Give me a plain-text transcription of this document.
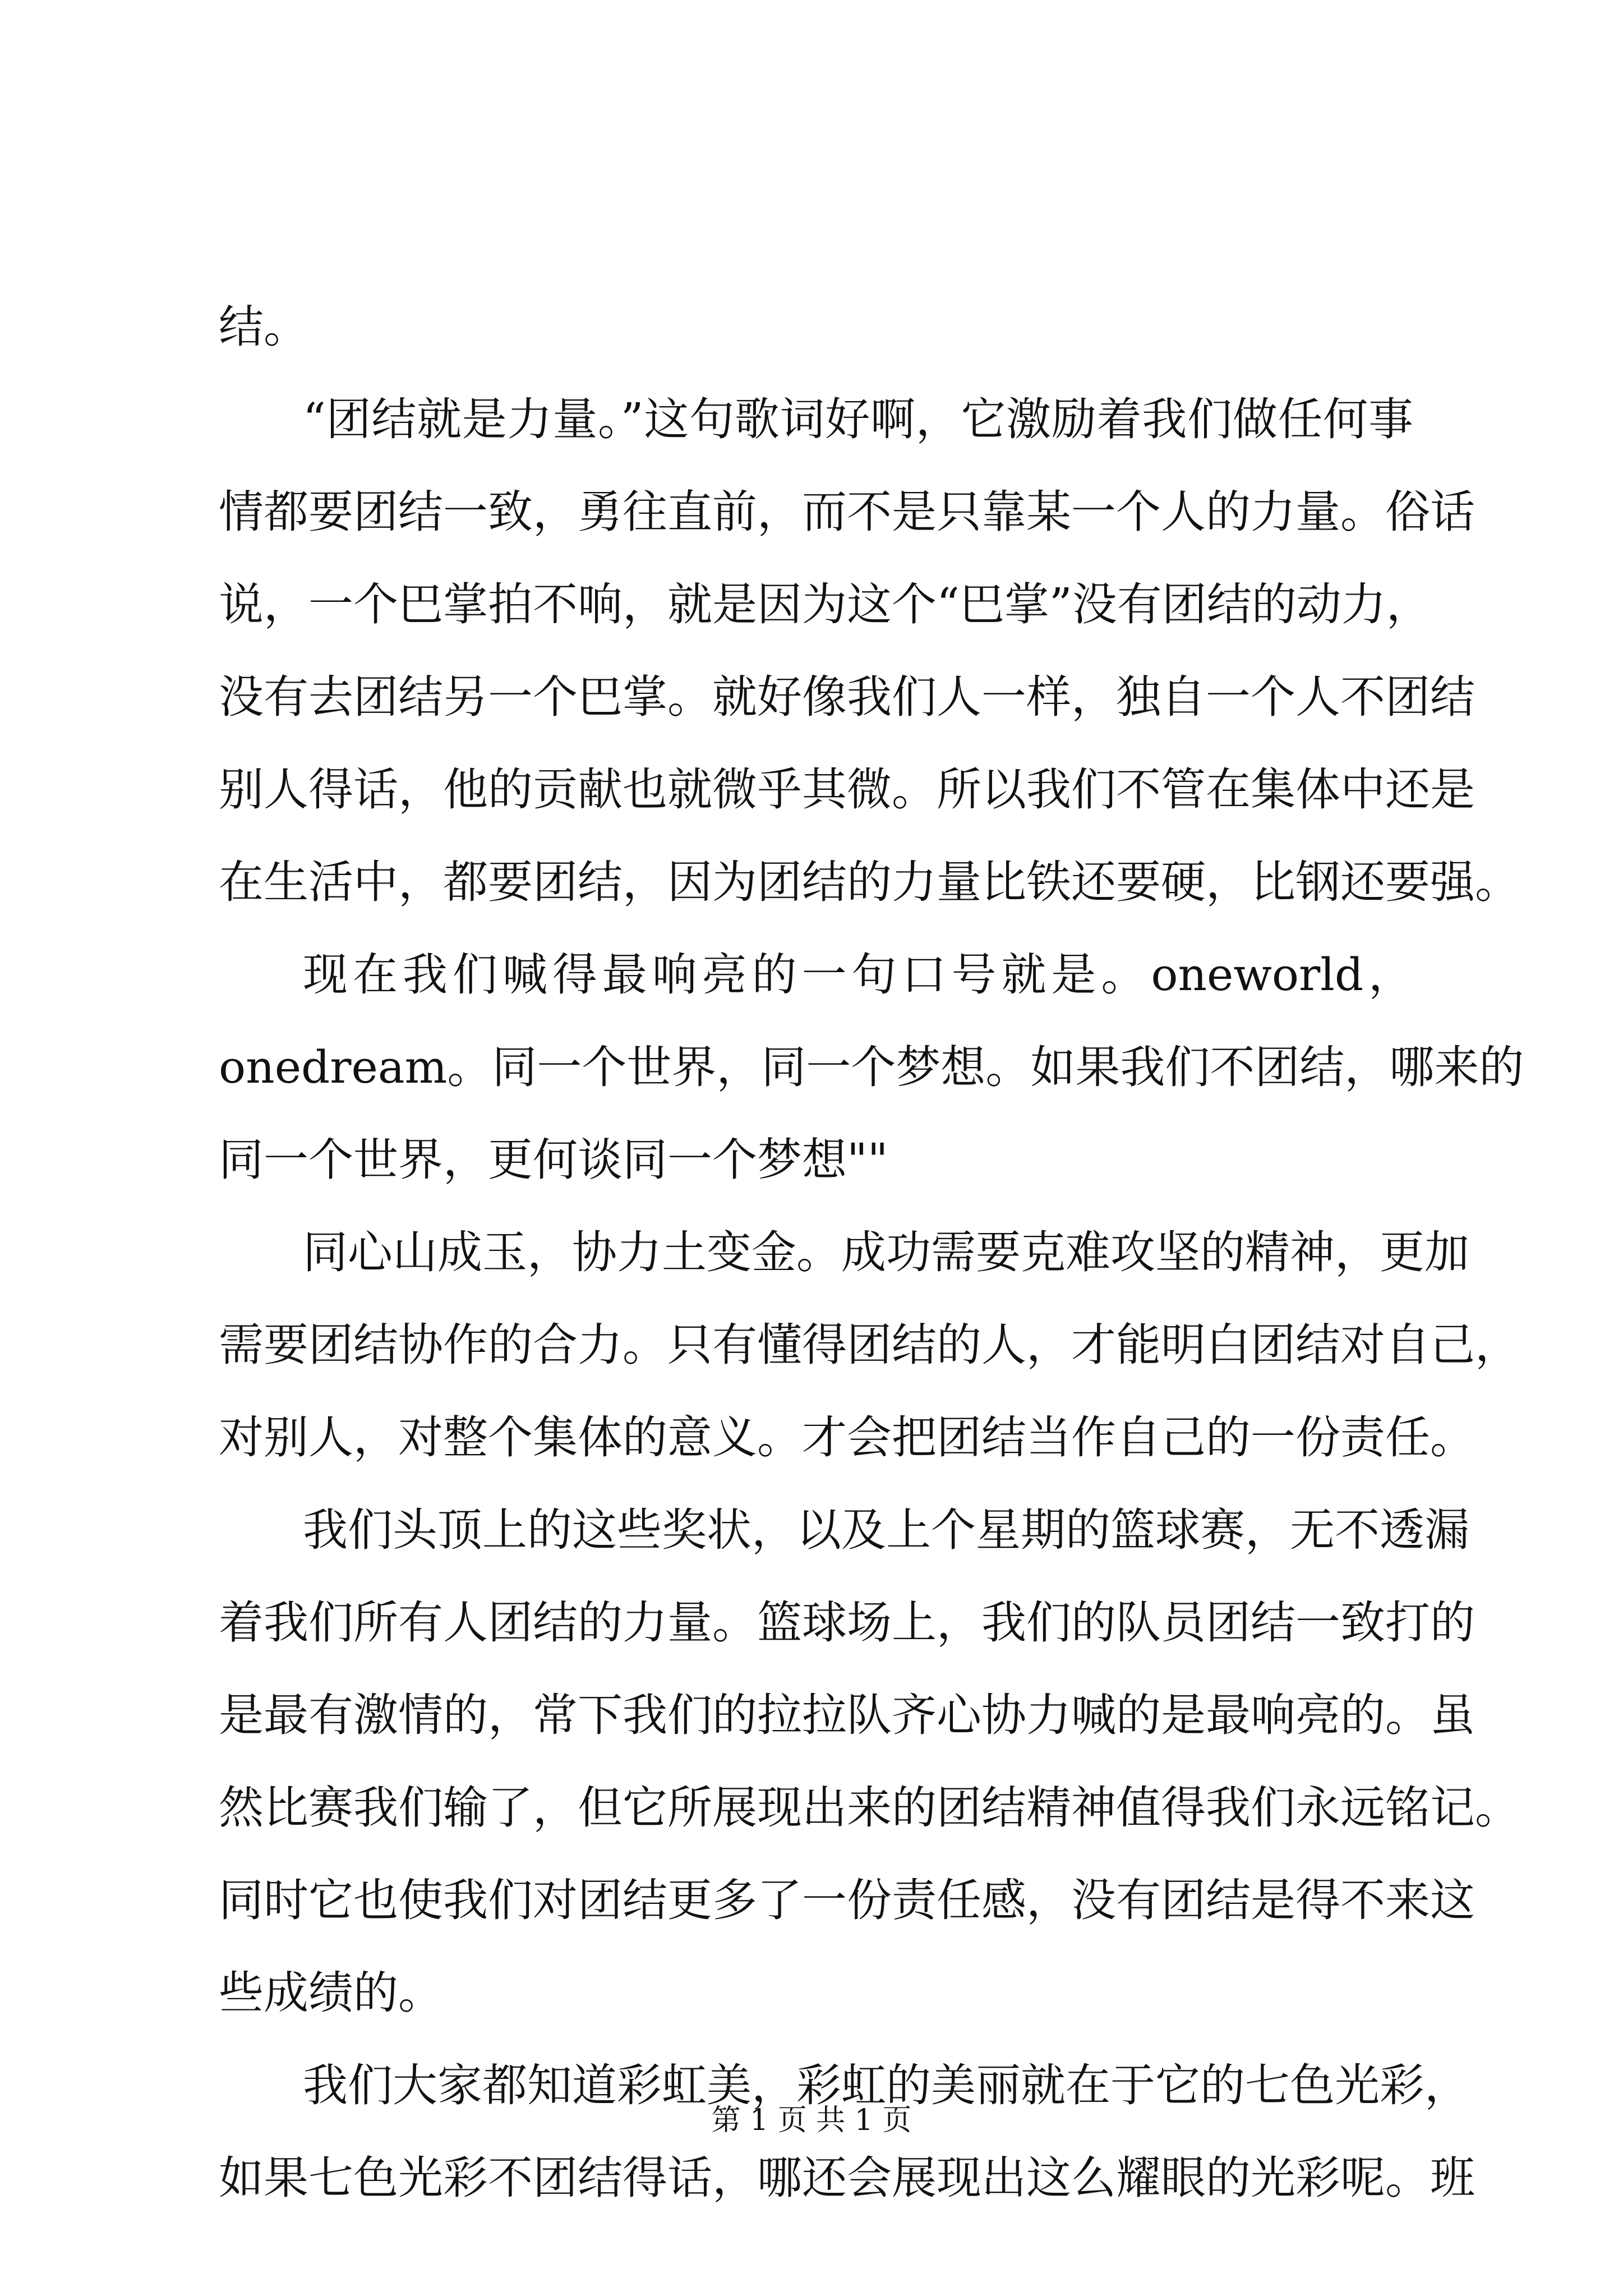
结。
“团结就是力量。”这句歌词好啊，它激励着我们做任何事
情都要团结一致，勇往直前，而不是只靠某一个人的力量。俗话
说，一个巴掌拍不响，就是因为这个“巴掌”没有团结的动力，
没有去团结另一个巴掌。就好像我们人一样，独自一个人不团结
别人得话，他的贡献也就微乎其微。所以我们不管在集体中还是
在生活中，都要团结，因为团结的力量比铁还要硬，比钢还要强。
现在我们喊得最响亮的一句口号就是。oneworld，
onedream。同一个世界，同一个梦想。如果我们不团结，哪来的
同一个世界，更何谈同一个梦想""
同心山成玉，协力土变金。成功需要克难攻坚的精神，更加
需要团结协作的合力。只有懂得团结的人，才能明白团结对自己，
对别人，对整个集体的意义。才会把团结当作自己的一份责任。
我们头顶上的这些奖状，以及上个星期的篮球赛，无不透漏
着我们所有人团结的力量。篮球场上，我们的队员团结一致打的
是最有激情的，常下我们的拉拉队齐心协力喊的是最响亮的。虽
然比赛我们输了，但它所展现出来的团结精神值得我们永远铭记。
同时它也使我们对团结更多了一份责任感，没有团结是得不来这
些成绩的。
我们大家都知道彩虹美，彩虹的美丽就在于它的七色光彩，
如果七色光彩不团结得话，哪还会展现出这么耀眼的光彩呢。班
第 1 页 共 1 页
